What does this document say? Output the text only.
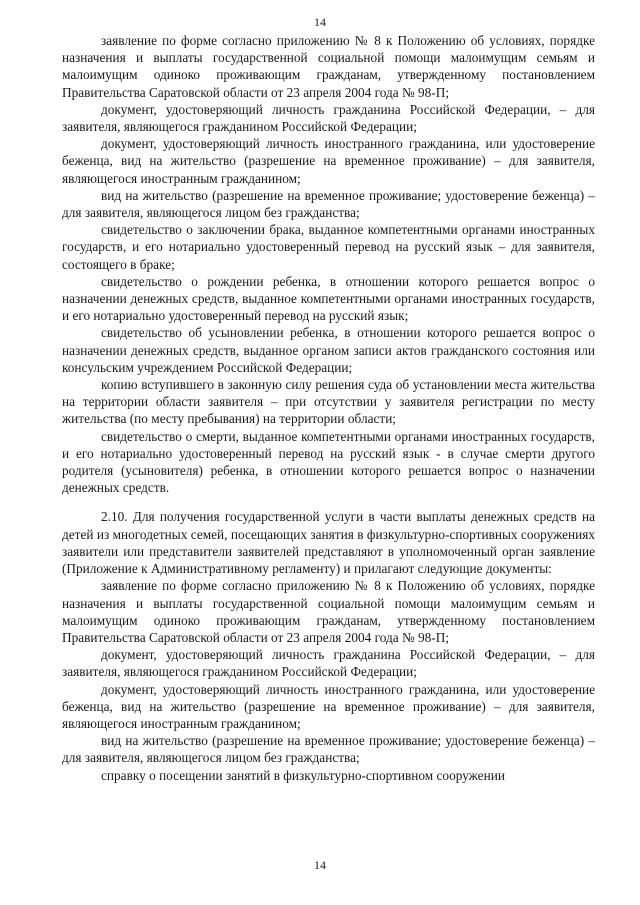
14

заявление по форме согласно приложению № 8 к Положению об условиях, порядке назначения и выплаты государственной социальной помощи малоимущим семьям и малоимущим одиноко проживающим гражданам, утвержденному постановлением Правительства Саратовской области от 23 апреля 2004 года № 98-П;

документ, удостоверяющий личность гражданина Российской Федерации, – для заявителя, являющегося гражданином Российской Федерации;

документ, удостоверяющий личность иностранного гражданина, или удостоверение беженца, вид на жительство (разрешение на временное проживание) – для заявителя, являющегося иностранным гражданином;

вид на жительство (разрешение на временное проживание; удостоверение беженца) – для заявителя, являющегося лицом без гражданства;

свидетельство о заключении брака, выданное компетентными органами иностранных государств, и его нотариально удостоверенный перевод на русский язык – для заявителя, состоящего в браке;

свидетельство о рождении ребенка, в отношении которого решается вопрос о назначении денежных средств, выданное компетентными органами иностранных государств, и его нотариально удостоверенный перевод на русский язык;

свидетельство об усыновлении ребенка, в отношении которого решается вопрос о назначении денежных средств, выданное органом записи актов гражданского состояния или консульским учреждением Российской Федерации;

копию вступившего в законную силу решения суда об установлении места жительства на территории области заявителя – при отсутствии у заявителя регистрации по месту жительства (по месту пребывания) на территории области;

свидетельство о смерти, выданное компетентными органами иностранных государств, и его нотариально удостоверенный перевод на русский язык - в случае смерти другого родителя (усыновителя) ребенка, в отношении которого решается вопрос о назначении денежных средств.

2.10. Для получения государственной услуги в части выплаты денежных средств на детей из многодетных семей, посещающих занятия в физкультурно-спортивных сооружениях заявители или представители заявителей представляют в уполномоченный орган заявление (Приложение к Административному регламенту) и прилагают следующие документы:

заявление по форме согласно приложению № 8 к Положению об условиях, порядке назначения и выплаты государственной социальной помощи малоимущим семьям и малоимущим одиноко проживающим гражданам, утвержденному постановлением Правительства Саратовской области от 23 апреля 2004 года № 98-П;

документ, удостоверяющий личность гражданина Российской Федерации, – для заявителя, являющегося гражданином Российской Федерации;

документ, удостоверяющий личность иностранного гражданина, или удостоверение беженца, вид на жительство (разрешение на временное проживание) – для заявителя, являющегося иностранным гражданином;

вид на жительство (разрешение на временное проживание; удостоверение беженца) – для заявителя, являющегося лицом без гражданства;

справку о посещении занятий в физкультурно-спортивном сооружении

14
